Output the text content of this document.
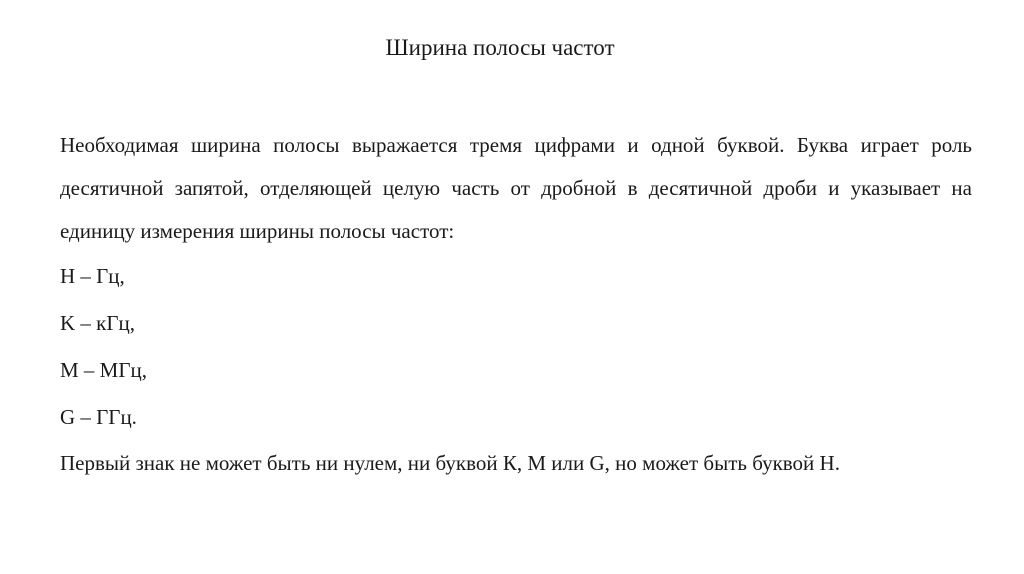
Ширина полосы частот

Необходимая ширина полосы выражается тремя цифрами и одной буквой. Буква играет роль десятичной запятой, отделяющей целую часть от дробной в десятичной дроби и указывает на единицу измерения ширины полосы частот:

H – Гц,

K – кГц,

M – МГц,

G – ГГц.

Первый знак не может быть ни нулем, ни буквой К, M или G, но может быть буквой Н.
